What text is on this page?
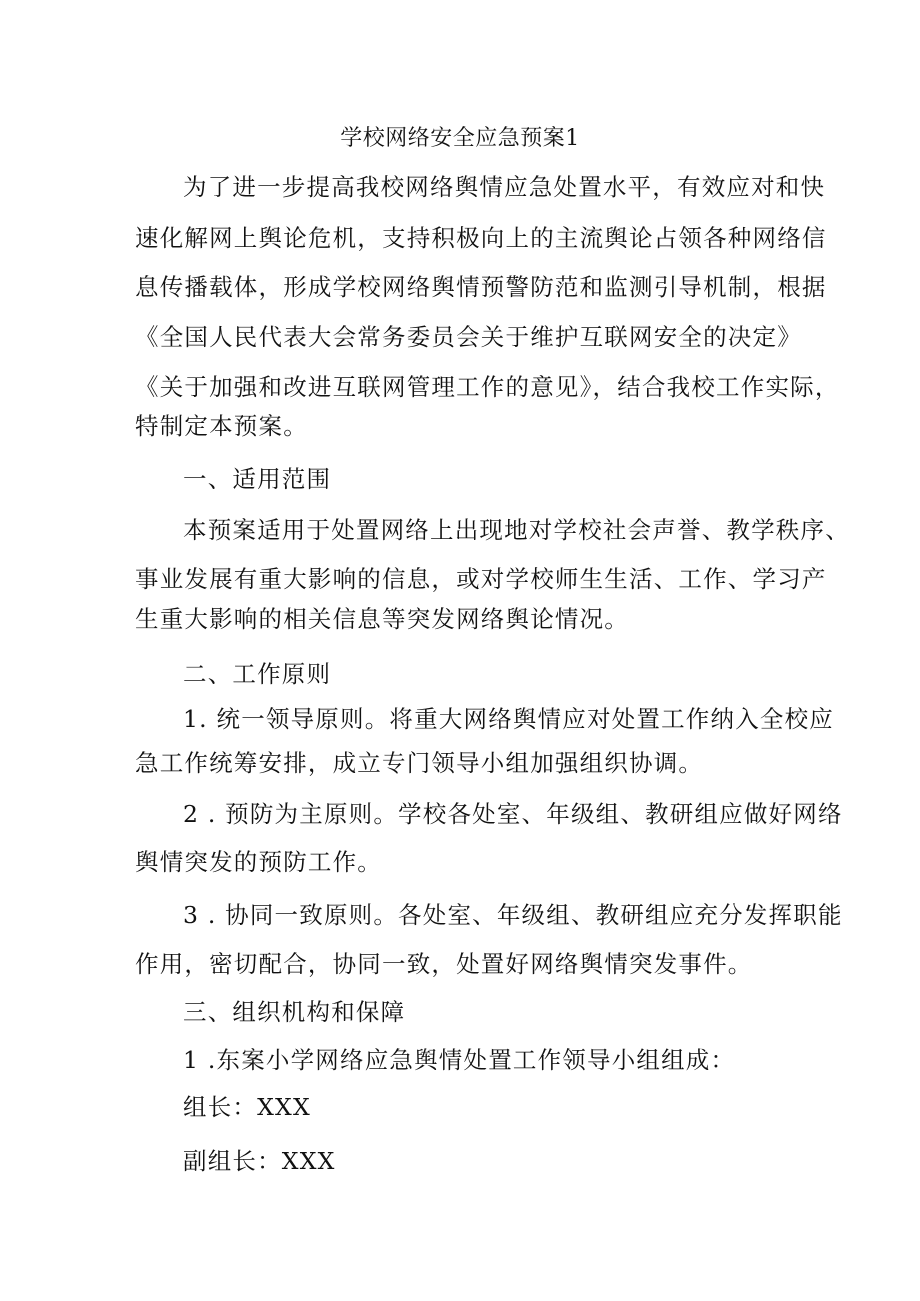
学校网络安全应急预案1
为了进一步提高我校网络舆情应急处置水平，有效应对和快
速化解网上舆论危机，支持积极向上的主流舆论占领各种网络信
息传播载体，形成学校网络舆情预警防范和监测引导机制，根据
《全国人民代表大会常务委员会关于维护互联网安全的决定》
《关于加强和改进互联网管理工作的意见》，结合我校工作实际，
特制定本预案。
一、适用范围
本预案适用于处置网络上出现地对学校社会声誉、教学秩序、
事业发展有重大影响的信息，或对学校师生生活、工作、学习产
生重大影响的相关信息等突发网络舆论情况。
二、工作原则
1. 统一领导原则。将重大网络舆情应对处置工作纳入全校应
急工作统筹安排，成立专门领导小组加强组织协调。
2 . 预防为主原则。学校各处室、年级组、教研组应做好网络
舆情突发的预防工作。
3 . 协同一致原则。各处室、年级组、教研组应充分发挥职能
作用，密切配合，协同一致，处置好网络舆情突发事件。
三、组织机构和保障
1 .东案小学网络应急舆情处置工作领导小组组成：
组长：XXX
副组长：XXX
